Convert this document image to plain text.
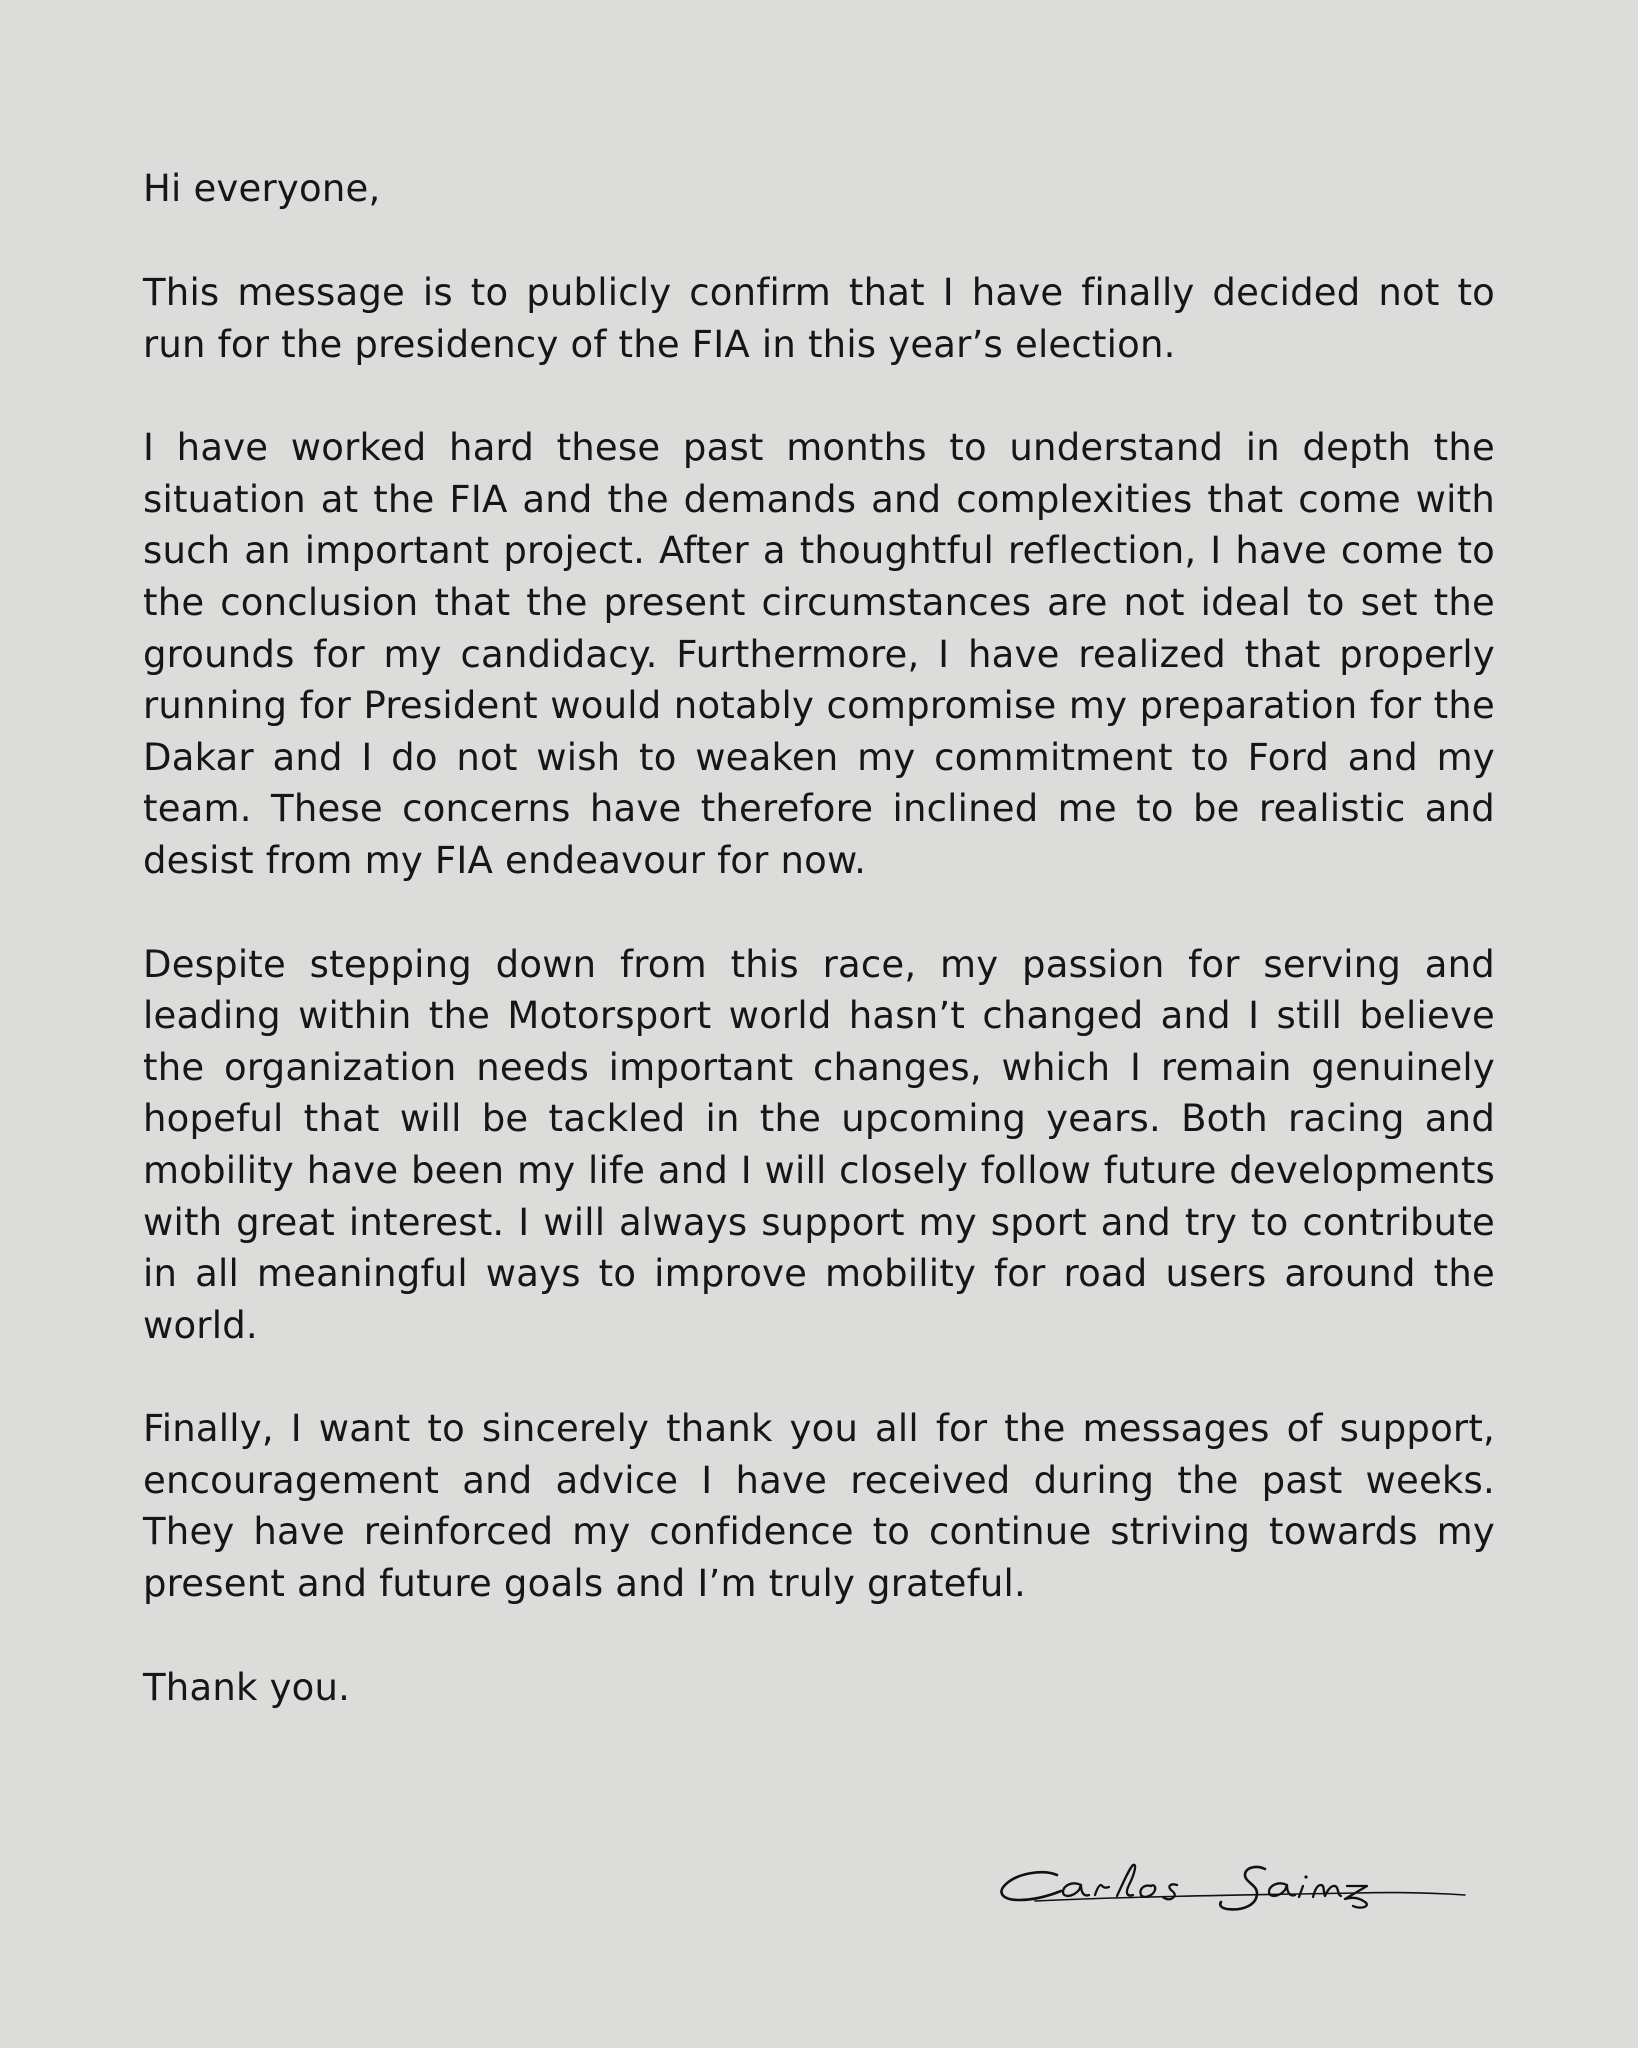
Hi everyone,

This message is to publicly confirm that I have finally decided not to run for the presidency of the FIA in this year’s election.

I have worked hard these past months to understand in depth the situation at the FIA and the demands and complexities that come with such an important project. After a thoughtful reflection, I have come to the conclusion that the present circumstances are not ideal to set the grounds for my candidacy. Furthermore, I have realized that properly running for President would notably compromise my preparation for the Dakar and I do not wish to weaken my commitment to Ford and my team. These concerns have therefore inclined me to be realistic and desist from my FIA endeavour for now.

Despite stepping down from this race, my passion for serving and leading within the Motorsport world hasn’t changed and I still believe the organization needs important changes, which I remain genuinely hopeful that will be tackled in the upcoming years. Both racing and mobility have been my life and I will closely follow future developments with great interest. I will always support my sport and try to contribute in all meaningful ways to improve mobility for road users around the world.

Finally, I want to sincerely thank you all for the messages of support, encouragement and advice I have received during the past weeks. They have reinforced my confidence to continue striving towards my present and future goals and I’m truly grateful.

Thank you.
